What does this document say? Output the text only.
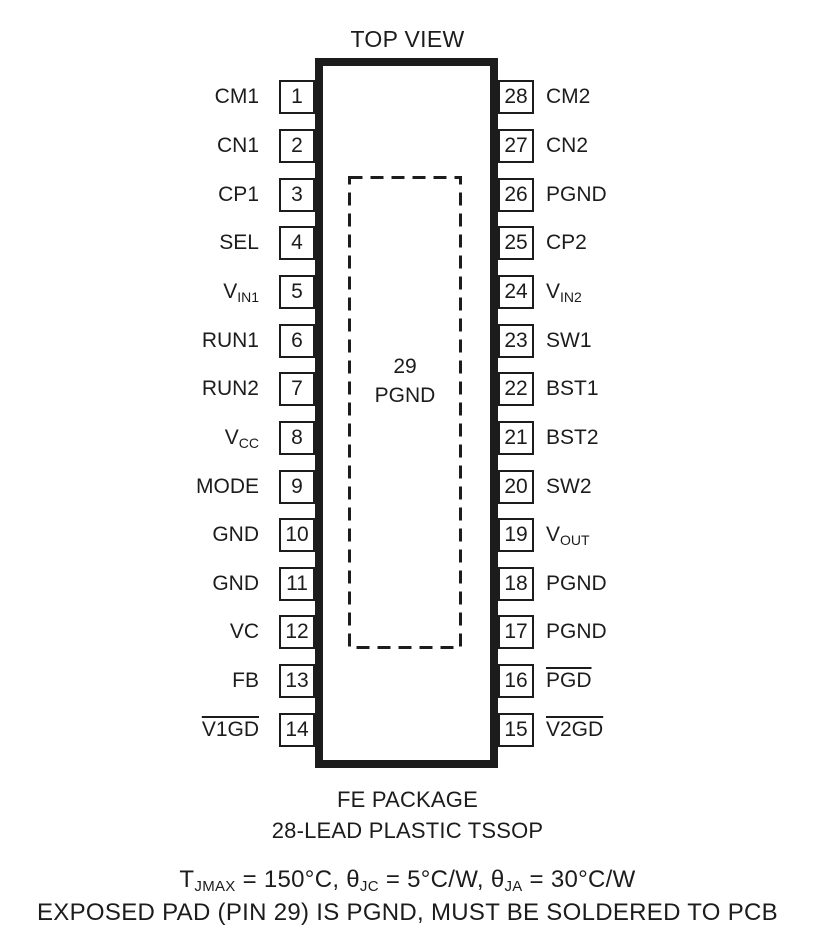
TOP VIEW
CM1 1	28 CM2
CN1 2	27 CN2
CP1 3	26 PGND
SEL 4	25 CP2
$V_{IN1}$ 5	24 $V_{IN2}$
RUN1 6	23 SW1
RUN2 7	22 BST1
$V_{CC}$ 8	21 BST2
MODE 9	20 SW2
GND 10	19 $V_{OUT}$
GND 11	18 PGND
VC 12	17 PGND
FB 13	16 $\overline{PGD}$
V1GD 14	15 V2GD
29
PGND
FE PACKAGE
28-LEAD PLASTIC TSSOP
$T_{JMAX} = 150^\circ C$, $\theta_{JC} = 5^\circ C/W$, $\theta_{JA} = 30^\circ C/W$
EXPOSED PAD (PIN 29) IS PGND, MUST BE SOLDERED TO PCB
